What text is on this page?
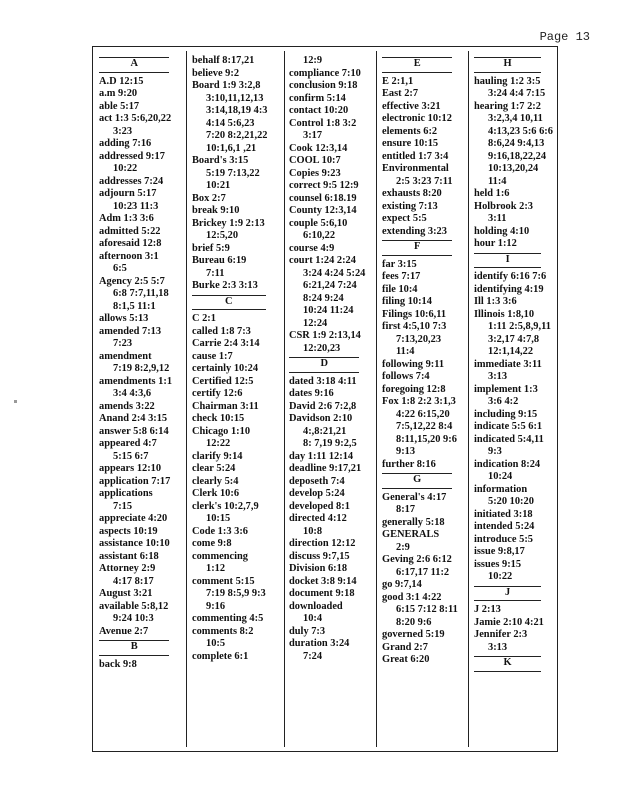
Page 13
A
A.D 12:15
a.m 9:20
able 5:17
act 1:3 5:6,20,22
3:23
adding 7:16
addressed 9:17
10:22
addresses 7:24
adjourn 5:17
10:23 11:3
Adm 1:3 3:6
admitted 5:22
aforesaid 12:8
afternoon 3:1
6:5
Agency 2:5 5:7
6:8 7:7,11,18
8:1,5 11:1
allows 5:13
amended 7:13
7:23
amendment
7:19 8:2,9,12
amendments 1:1
3:4 4:3,6
amends 3:22
Anand 2:4 3:15
answer 5:8 6:14
appeared 4:7
5:15 6:7
appears 12:10
application 7:17
applications
7:15
appreciate 4:20
aspects 10:19
assistance 10:10
assistant 6:18
Attorney 2:9
4:17 8:17
August 3:21
available 5:8,12
9:24 10:3
Avenue 2:7
B
back 9:8
behalf 8:17,21
believe 9:2
Board 1:9 3:2,8
3:10,11,12,13
3:14,18,19 4:3
4:14 5:6,23
7:20 8:2,21,22
10:1,6,1 ,21
Board's 3:15
5:19 7:13,22
10:21
Box 2:7
break 9:10
Brickey 1:9 2:13
12:5,20
brief 5:9
Bureau 6:19
7:11
Burke 2:3 3:13
C
C 2:1
called 1:8 7:3
Carrie 2:4 3:14
cause 1:7
certainly 10:24
Certified 12:5
certify 12:6
Chairman 3:11
check 10:15
Chicago 1:10
12:22
clarify 9:14
clear 5:24
clearly 5:4
Clerk 10:6
clerk's 10:2,7,9
10:15
Code 1:3 3:6
come 9:8
commencing
1:12
comment 5:15
7:19 8:5,9 9:3
9:16
commenting 4:5
comments 8:2
10:5
complete 6:1
12:9
compliance 7:10
conclusion 9:18
confirm 5:14
contact 10:20
Control 1:8 3:2
3:17
Cook 12:3,14
COOL 10:7
Copies 9:23
correct 9:5 12:9
counsel 6:18.19
County 12:3,14
couple 5:6,10
6:10,22
course 4:9
court 1:24 2:24
3:24 4:24 5:24
6:21,24 7:24
8:24 9:24
10:24 11:24
12:24
CSR 1:9 2:13,14
12:20,23
D
dated 3:18 4:11
dates 9:16
David 2:6 7:2,8
Davidson 2:10
4:,8:21,21
8: 7,19 9:2,5
day 1:11 12:14
deadline 9:17,21
deposeth 7:4
develop 5:24
developed 8:1
directed 4:12
10:8
direction 12:12
discuss 9:7,15
Division 6:18
docket 3:8 9:14
document 9:18
downloaded
10:4
duly 7:3
duration 3:24
7:24
E
E 2:1,1
East 2:7
effective 3:21
electronic 10:12
elements 6:2
ensure 10:15
entitled 1:7 3:4
Environmental
2:5 3:23 7:11
exhausts 8:20
existing 7:13
expect 5:5
extending 3:23
F
far 3:15
fees 7:17
file 10:4
filing 10:14
Filings 10:6,11
first 4:5,10 7:3
7:13,20,23
11:4
following 9:11
follows 7:4
foregoing 12:8
Fox 1:8 2:2 3:1,3
4:22 6:15,20
7:5,12,22 8:4
8:11,15,20 9:6
9:13
further 8:16
G
General's 4:17
8:17
generally 5:18
GENERALS
2:9
Geving 2:6 6:12
6:17,17 11:2
go 9:7,14
good 3:1 4:22
6:15 7:12 8:11
8:20 9:6
governed 5:19
Grand 2:7
Great 6:20
H
hauling 1:2 3:5
3:24 4:4 7:15
hearing 1:7 2:2
3:2,3,4 10,11
4:13,23 5:6 6:6
8:6,24 9:4,13
9:16,18,22,24
10:13,20,24
11:4
held 1:6
Holbrook 2:3
3:11
holding 4:10
hour 1:12
I
identify 6:16 7:6
identifying 4:19
Ill 1:3 3:6
Illinois 1:8,10
1:11 2:5,8,9,11
3:2,17 4:7,8
12:1,14,22
immediate 3:11
3:13
implement 1:3
3:6 4:2
including 9:15
indicate 5:5 6:1
indicated 5:4,11
9:3
indication 8:24
10:24
information
5:20 10:20
initiated 3:18
intended 5:24
introduce 5:5
issue 9:8,17
issues 9:15
10:22
J
J 2:13
Jamie 2:10 4:21
Jennifer 2:3
3:13
K
